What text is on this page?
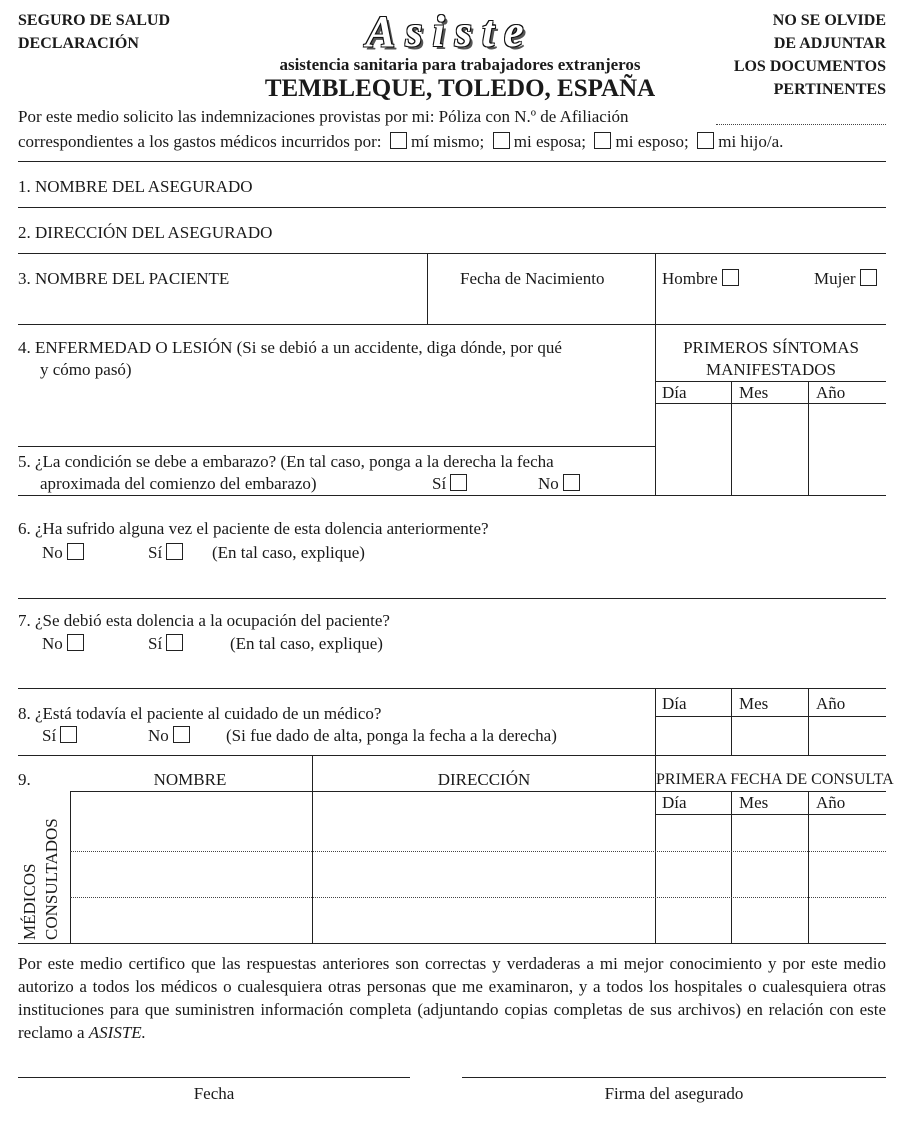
SEGURO DE SALUD
DECLARACIÓN	Asiste
asistencia sanitaria para trabajadores extranjeros
TEMBLEQUE, TOLEDO, ESPAÑA
NO SE OLVIDE
DE ADJUNTAR
LOS DOCUMENTOS
PERTINENTES
Por este medio solicito las indemnizaciones provistas por mi: Póliza con N.º de Afiliación
correspondientes a los gastos médicos incurridos por: mí mismo; mi esposa; mi esposo; mi hijo/a.
1. NOMBRE DEL ASEGURADO
2. DIRECCIÓN DEL ASEGURADO
3. NOMBRE DEL PACIENTE	Fecha de Nacimiento	Hombre	Mujer
4. ENFERMEDAD O LESIÓN (Si se debió a un accidente, diga dónde, por qué
y cómo pasó)
PRIMEROS SÍNTOMAS
MANIFESTADOS
Día	Mes	Año
5. ¿La condición se debe a embarazo? (En tal caso, ponga a la derecha la fecha
aproximada del comienzo del embarazo)	Sí	No
6. ¿Ha sufrido alguna vez el paciente de esta dolencia anteriormente?
No	Sí	(En tal caso, explique)
7. ¿Se debió esta dolencia a la ocupación del paciente?
No	Sí	(En tal caso, explique)
Día	Mes	Año
8. ¿Está todavía el paciente al cuidado de un médico?
Sí	No	(Si fue dado de alta, ponga la fecha a la derecha)
9.	NOMBRE	DIRECCIÓN	PRIMERA FECHA DE CONSULTA
Día	Mes	Año
MÉDICOS CONSULTADOS
Por este medio certifico que las respuestas anteriores son correctas y verdaderas a mi mejor conocimiento y por este medio autorizo a todos los médicos o cualesquiera otras personas que me examinaron, y a todos los hospitales o cualesquiera otras instituciones para que suministren información completa (adjuntando copias completas de sus archivos) en relación con este reclamo a ASISTE.
Fecha	Firma del asegurado
